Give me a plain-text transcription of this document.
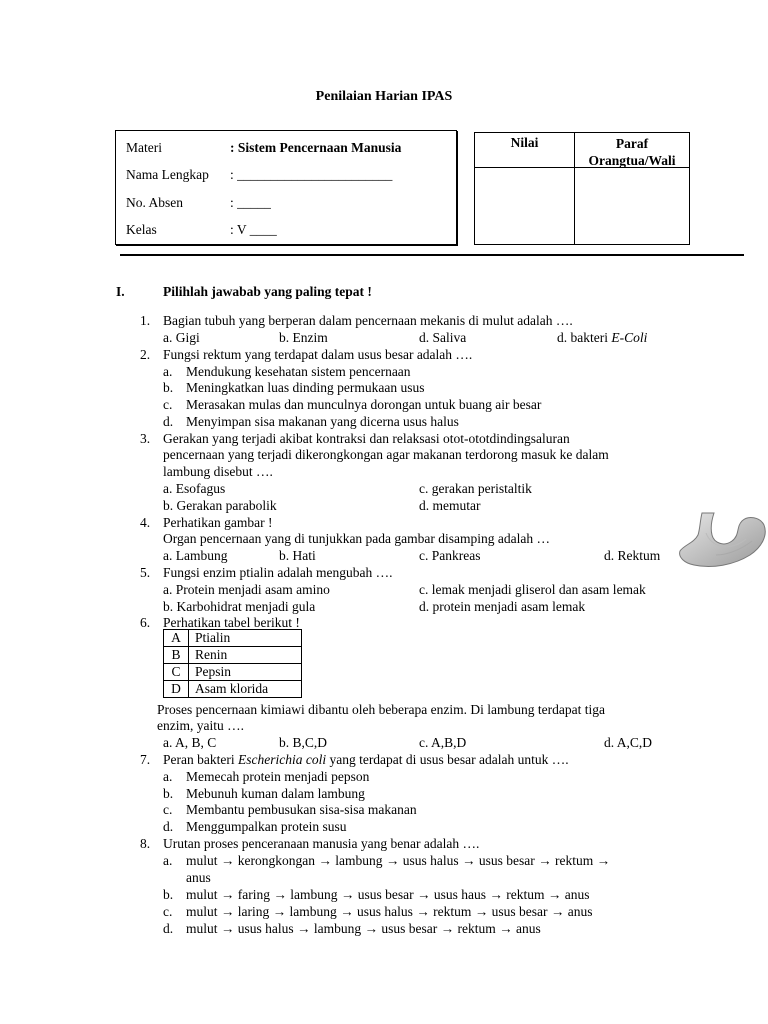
Penilaian Harian IPAS
Materi	: Sistem Pencernaan Manusia
Nama Lengkap : _______________________
No. Absen	: _____
Kelas	: V ____
Nilai	Paraf
Orangtua/Wali
I.	Pilihlah jawabab yang paling tepat !
1. Bagian tubuh yang berperan dalam pencernaan mekanis di mulut adalah ….
a. Gigi	b. Enzim	d. Saliva	d. bakteri E-Coli
2. Fungsi rektum yang terdapat dalam usus besar adalah ….
a. Mendukung kesehatan sistem pencernaan
b. Meningkatkan luas dinding permukaan usus
c. Merasakan mulas dan munculnya dorongan untuk buang air besar
d. Menyimpan sisa makanan yang dicerna usus halus
3. Gerakan yang terjadi akibat kontraksi dan relaksasi otot-ototdindingsaluran
pencernaan yang terjadi dikerongkongan agar makanan terdorong masuk ke dalam
lambung disebut ….
a. Esofagus	c. gerakan peristaltik
b. Gerakan parabolik	d. memutar
4. Perhatikan gambar !
Organ pencernaan yang di tunjukkan pada gambar disamping adalah …
a. Lambung	b. Hati	c. Pankreas	d. Rektum
5. Fungsi enzim ptialin adalah mengubah ….
a. Protein menjadi asam amino	c. lemak menjadi gliserol dan asam lemak
b. Karbohidrat menjadi gula	d. protein menjadi asam lemak
6. Perhatikan tabel berikut !
A	Ptialin
B	Renin
C	Pepsin
D	Asam klorida
Proses pencernaan kimiawi dibantu oleh beberapa enzim. Di lambung terdapat tiga
enzim, yaitu ….
a. A, B, C	b. B,C,D	c. A,B,D	d. A,C,D
7. Peran bakteri Escherichia coli yang terdapat di usus besar adalah untuk ….
a. Memecah protein menjadi pepson
b. Mebunuh kuman dalam lambung
c. Membantu pembusukan sisa-sisa makanan
d. Menggumpalkan protein susu
8. Urutan proses penceranaan manusia yang benar adalah ….
a. mulut → kerongkongan → lambung → usus halus → usus besar → rektum →
anus
b. mulut → faring → lambung → usus besar → usus haus → rektum → anus
c. mulut → laring → lambung → usus halus → rektum → usus besar → anus
d. mulut → usus halus → lambung → usus besar → rektum → anus
